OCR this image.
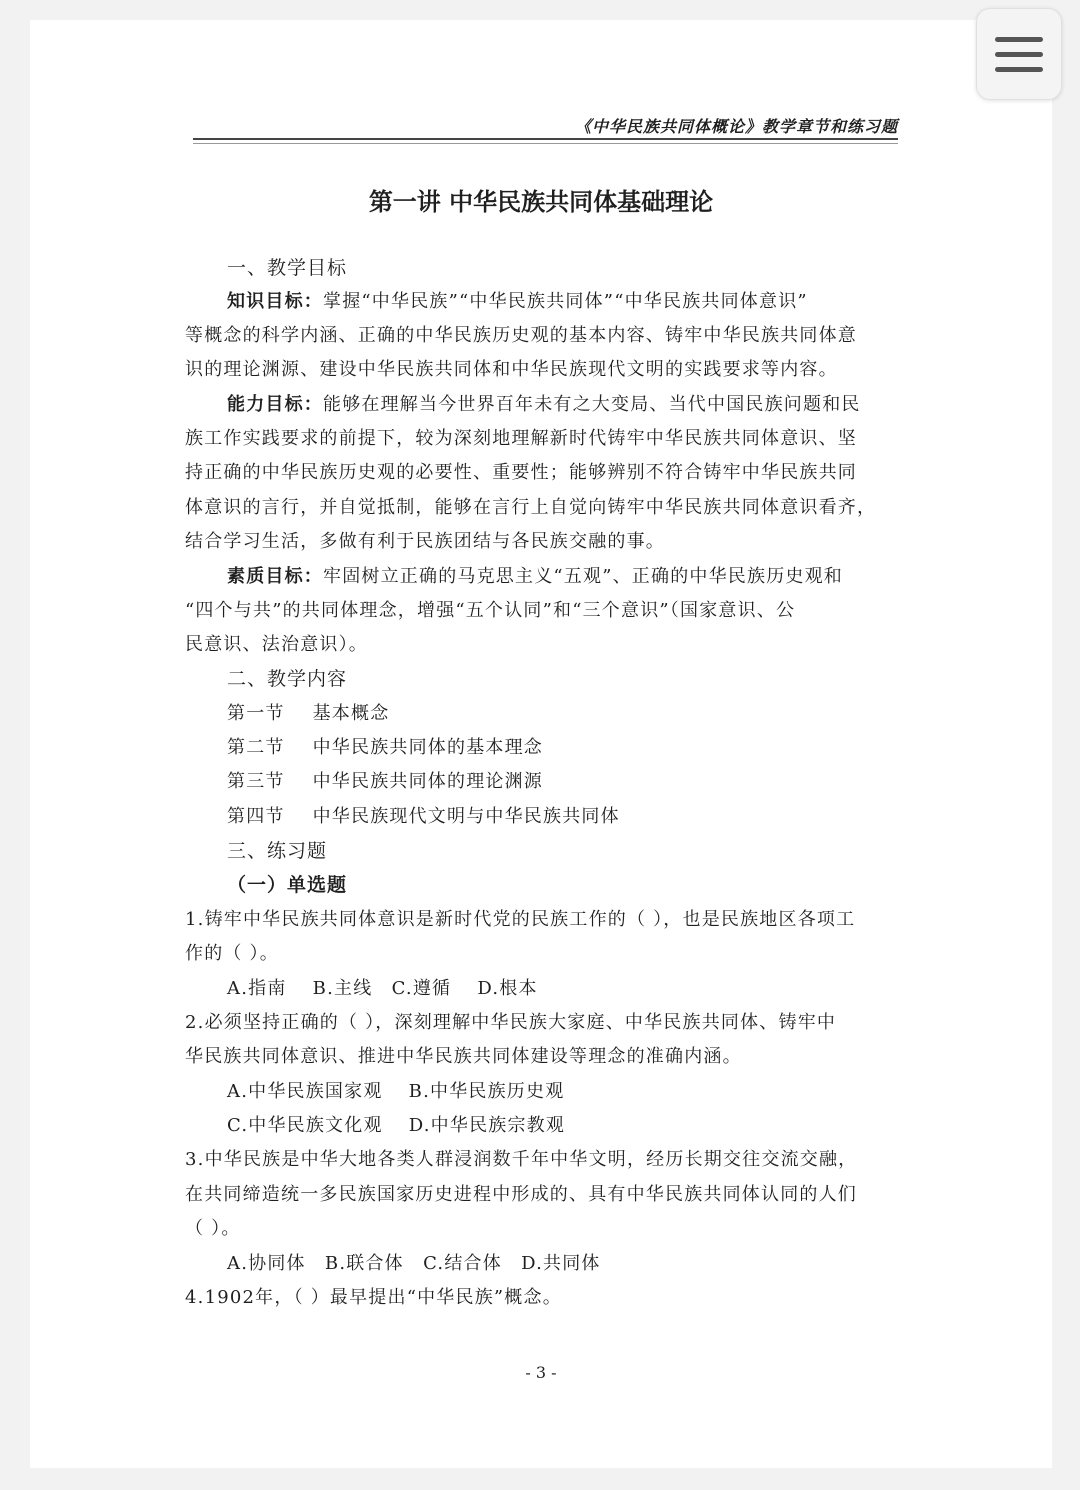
《中华民族共同体概论》教学章节和练习题
第一讲 中华民族共同体基础理论
一、教学目标
知识目标：掌握“中华民族”“中华民族共同体”“中华民族共同体意识”
等概念的科学内涵、正确的中华民族历史观的基本内容、铸牢中华民族共同体意
识的理论渊源、建设中华民族共同体和中华民族现代文明的实践要求等内容。
能力目标：能够在理解当今世界百年未有之大变局、当代中国民族问题和民
族工作实践要求的前提下，较为深刻地理解新时代铸牢中华民族共同体意识、坚
持正确的中华民族历史观的必要性、重要性；能够辨别不符合铸牢中华民族共同
体意识的言行，并自觉抵制，能够在言行上自觉向铸牢中华民族共同体意识看齐，
结合学习生活，多做有利于民族团结与各民族交融的事。
素质目标：牢固树立正确的马克思主义“五观”、正确的中华民族历史观和
“四个与共”的共同体理念，增强“五个认同”和“三个意识”（国家意识、公
民意识、法治意识）。
二、教学内容
第一节 基本概念
第二节 中华民族共同体的基本理念
第三节 中华民族共同体的理论渊源
第四节 中华民族现代文明与中华民族共同体
三、练习题
（一）单选题
1.铸牢中华民族共同体意识是新时代党的民族工作的（ ），也是民族地区各项工
作的（ ）。
A.指南　 B.主线　C.遵循　 D.根本
2.必须坚持正确的（ ），深刻理解中华民族大家庭、中华民族共同体、铸牢中
华民族共同体意识、推进中华民族共同体建设等理念的准确内涵。
A.中华民族国家观　 B.中华民族历史观
C.中华民族文化观　 D.中华民族宗教观
3.中华民族是中华大地各类人群浸润数千年中华文明，经历长期交往交流交融，
在共同缔造统一多民族国家历史进程中形成的、具有中华民族共同体认同的人们
（ ）。
A.协同体　B.联合体　C.结合体　D.共同体
4.1902年，（ ）最早提出“中华民族”概念。
- 3 -
